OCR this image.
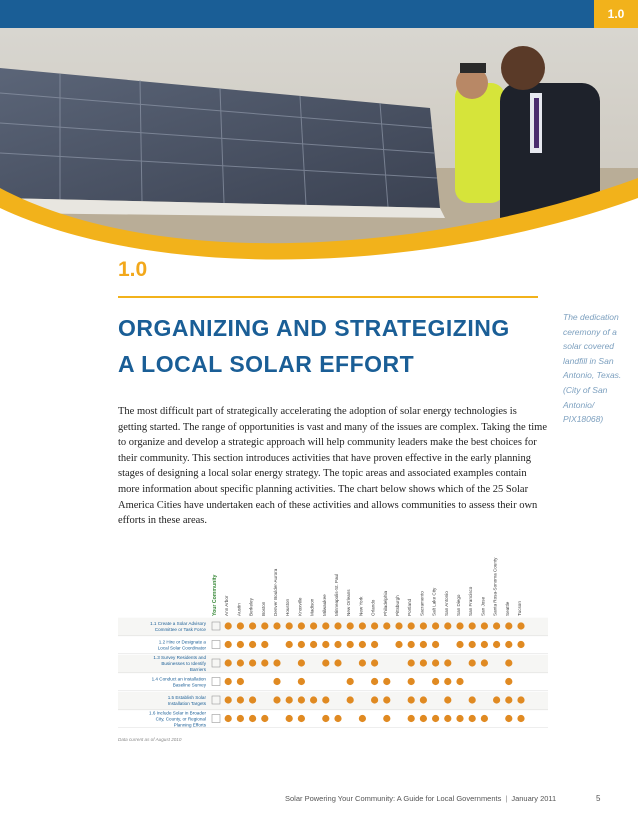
1.0
1.0
ORGANIZING AND STRATEGIZING
A LOCAL SOLAR EFFORT
The dedication ceremony of a solar covered landfill in San Antonio, Texas. (City of San Antonio/ PIX18068)

The most difficult part of strategically accelerating the adoption of solar energy technologies is getting started. The range of opportunities is vast and many of the issues are complex. Taking the time to organize and develop a strategic approach will help community leaders make the best choices for their community. This section introduces activities that have proven effective in the early planning stages of designing a local solar energy strategy. The topic areas and associated examples contain more information about specific planning activities. The chart below shows which of the 25 Solar America Cities have undertaken each of these activities and allows communities to assess their own efforts in these areas.

Your Community Ann Arbor Austin Berkeley Boston Denver Boulder-Aurora Houston Knoxville Madison Milwaukee Minneapolis-St. Paul New Orleans New York Orlando Philadelphia Pittsburgh Portland Sacramento Salt Lake City San Antonio San Diego San Francisco San Jose Santa Rosa-Sonoma County Seattle Tucson
1.1 Create a Solar Advisory
Committee or Task Force
1.2 Hire or Designate a
Local Solar Coordinator
1.3 Survey Residents and
Businesses to Identify
Barriers
1.4 Conduct an Installation
Baseline Survey
1.5 Establish Solar
Installation Targets
1.6 Include Solar in Broader
City, County, or Regional
Planning Efforts
Data current as of August 2010
Solar Powering Your Community: A Guide for Local Governments | January 2011	5
